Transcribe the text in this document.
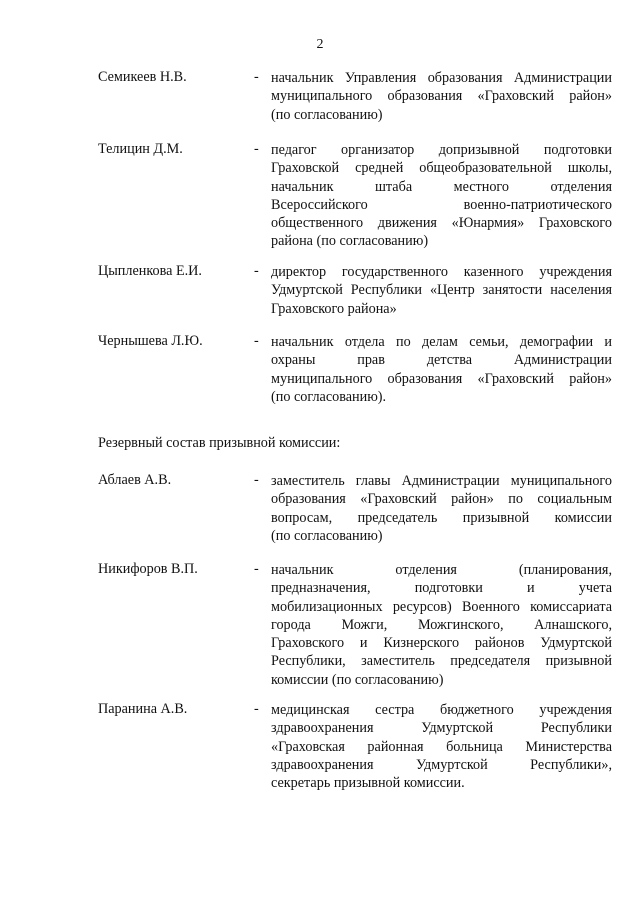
2
Семикеев Н.В.	- начальник Управления образования Администрации
муниципального образования «Граховский район»
(по согласованию)
Телицин Д.М.	- педагог организатор допризывной подготовки
Граховской средней общеобразовательной школы,
начальник штаба местного отделения
Всероссийского военно-патриотического
общественного движения «Юнармия» Граховского
района (по согласованию)
Цыпленкова Е.И.	- директор государственного казенного учреждения
Удмуртской Республики «Центр занятости населения
Граховского района»
Чернышева Л.Ю.	- начальник отдела по делам семьи, демографии и
охраны прав детства Администрации
муниципального образования «Граховский район»
(по согласованию).
Резервный состав призывной комиссии:
Аблаев А.В.	- заместитель главы Администрации муниципального
образования «Граховский район» по социальным
вопросам, председатель призывной комиссии
(по согласованию)
Никифоров В.П.	- начальник отделения (планирования,
предназначения, подготовки и учета
мобилизационных ресурсов) Военного комиссариата
города Можги, Можгинского, Алнашского,
Граховского и Кизнерского районов Удмуртской
Республики, заместитель председателя призывной
комиссии (по согласованию)
Паранина А.В.	- медицинская сестра бюджетного учреждения
здравоохранения Удмуртской Республики
«Граховская районная больница Министерства
здравоохранения Удмуртской Республики»,
секретарь призывной комиссии.
